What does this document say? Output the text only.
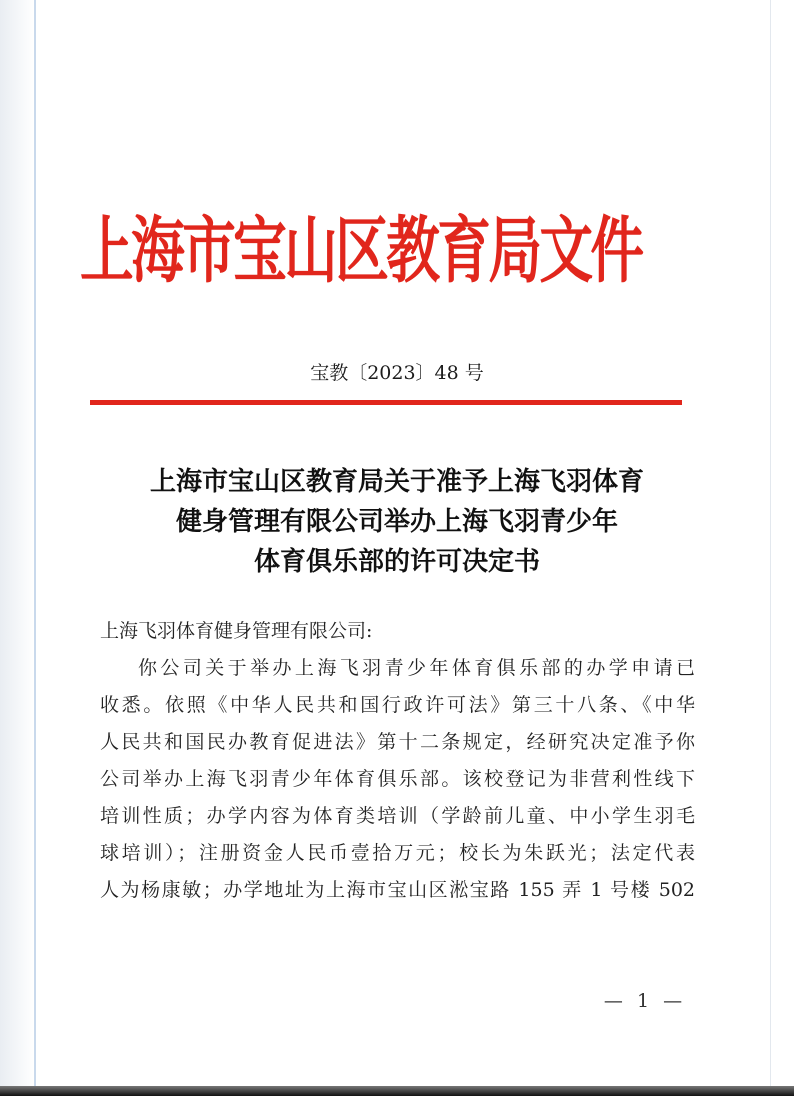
上海市宝山区教育局文件

宝教〔2023〕48 号

上海市宝山区教育局关于准予上海飞羽体育
健身管理有限公司举办上海飞羽青少年
体育俱乐部的许可决定书

上海飞羽体育健身管理有限公司:

你公司关于举办上海飞羽青少年体育俱乐部的办学申请已

收悉。依照《中华人民共和国行政许可法》第三十八条、《中华

人民共和国民办教育促进法》第十二条规定，经研究决定准予你

公司举办上海飞羽青少年体育俱乐部。该校登记为非营利性线下

培训性质；办学内容为体育类培训（学龄前儿童、中小学生羽毛

球培训）；注册资金人民币壹拾万元；校长为朱跃光；法定代表

人为杨康敏；办学地址为上海市宝山区淞宝路 155 弄 1 号楼 502

— 1 —
